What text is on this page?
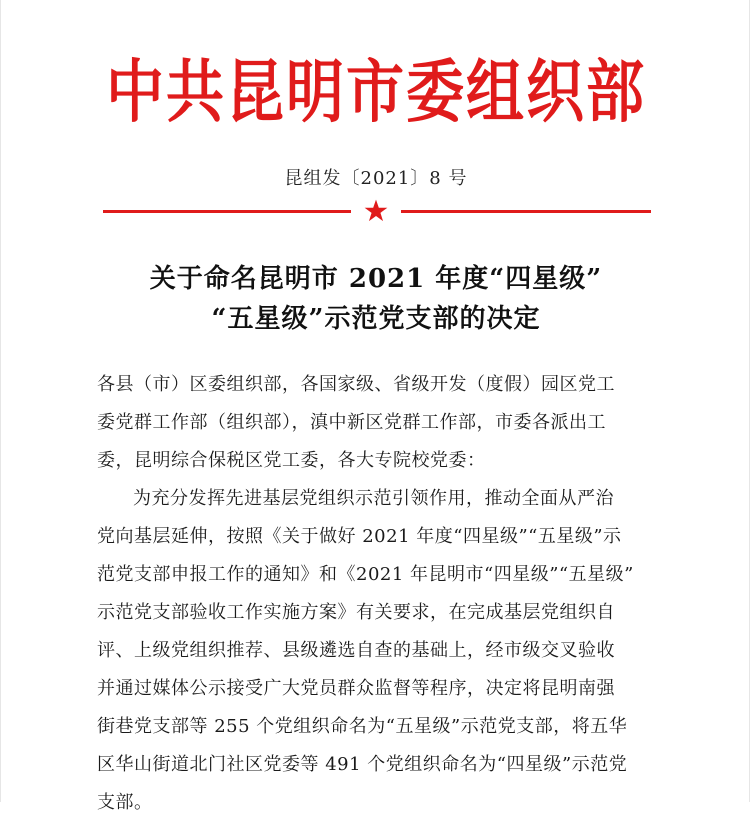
中共昆明市委组织部
昆组发〔2021〕8 号
关于命名昆明市 2021 年度“四星级”
“五星级”示范党支部的决定
各县（市）区委组织部，各国家级、省级开发（度假）园区党工
委党群工作部（组织部），滇中新区党群工作部，市委各派出工
委，昆明综合保税区党工委，各大专院校党委：
为充分发挥先进基层党组织示范引领作用，推动全面从严治
党向基层延伸，按照《关于做好 2021 年度“四星级”“五星级”示
范党支部申报工作的通知》和《2021 年昆明市“四星级”“五星级”
示范党支部验收工作实施方案》有关要求，在完成基层党组织自
评、上级党组织推荐、县级遴选自查的基础上，经市级交叉验收
并通过媒体公示接受广大党员群众监督等程序，决定将昆明南强
街巷党支部等 255 个党组织命名为“五星级”示范党支部，将五华
区华山街道北门社区党委等 491 个党组织命名为“四星级”示范党
支部。
